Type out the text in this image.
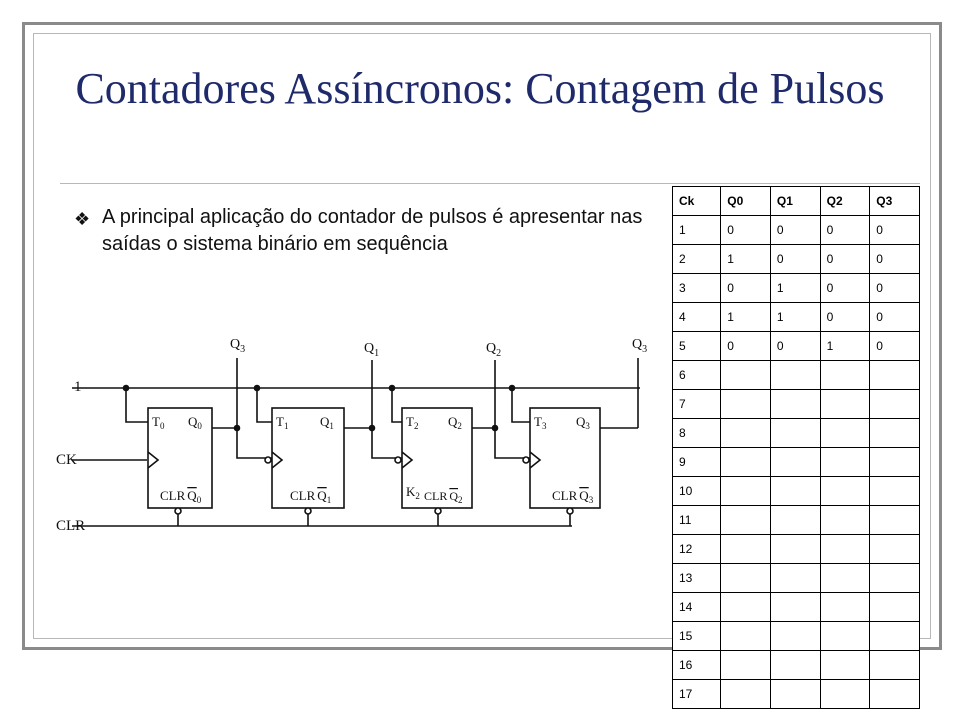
Contadores Assíncronos: Contagem de Pulsos
❖ A principal aplicação do contador de pulsos é apresentar nas saídas o sistema binário em sequência
1
CK
CLR
$Q_3$	$Q_1$	$Q_2$
$Q_3$
$T_0$ $Q_0$
CLR $Q_0$
$T_1$ $Q_1$
CLR $Q_1$
$T_2$ $Q_2$
$K_2$ CLR $Q_2$
$T_3$ $Q_3$
CLR $Q_3$
Ck	Q0	Q1	Q2	Q3
1	0	0	0	0
2	1	0	0	0
3	0	1	0	0
4	1	1	0	0
5	0	0	1	0
6				
7				
8				
9				
10				
11				
12				
13				
14				
15				
16				
17				
